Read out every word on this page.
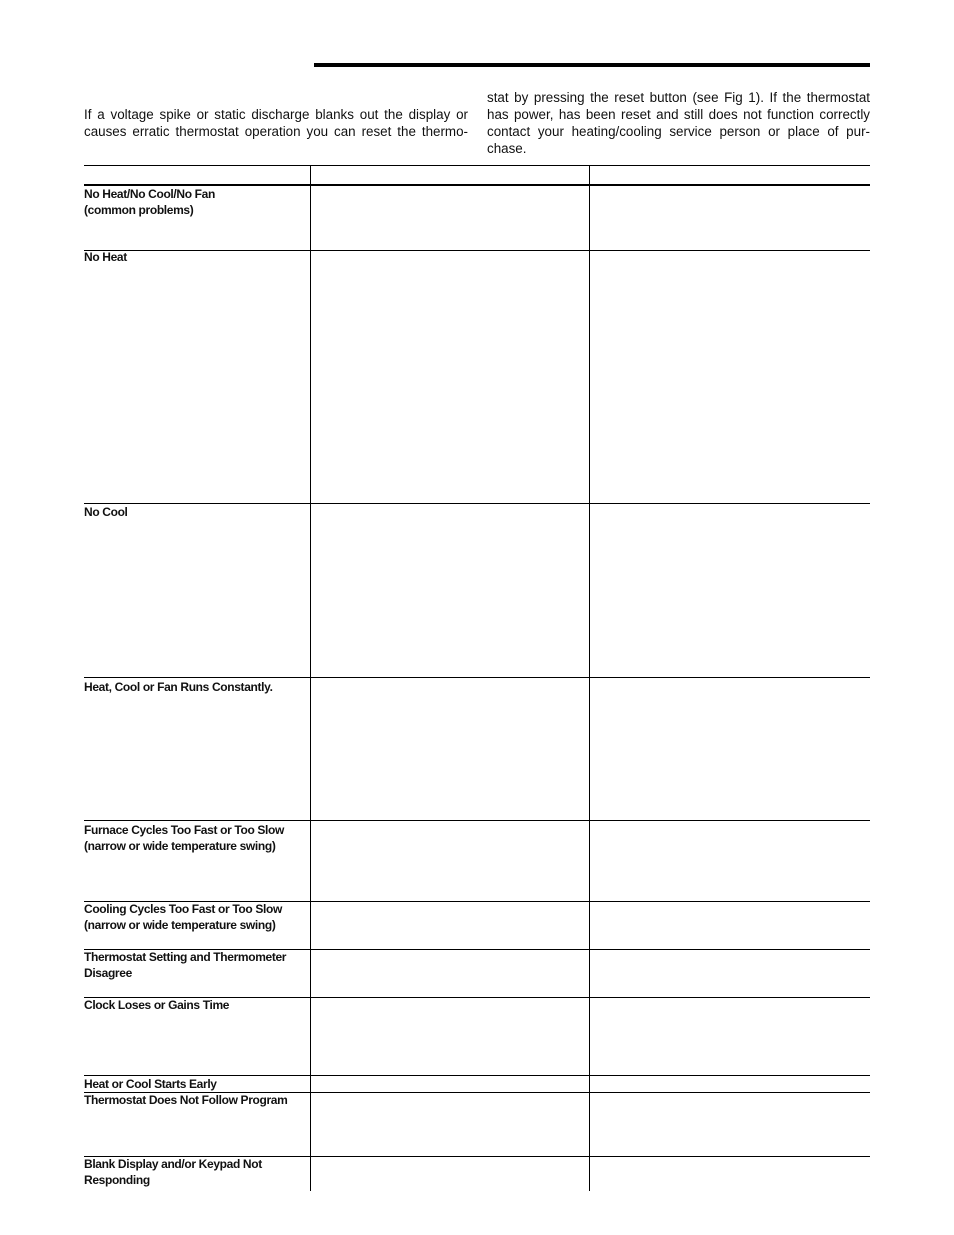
If a voltage spike or static discharge blanks out the display or
causes erratic thermostat operation you can reset the thermo-

stat by pressing the reset button (see Fig 1). If the thermostat
has power, has been reset and still does not function correctly
contact your heating/cooling service person or place of pur-
chase.

No Heat/No Cool/No Fan
(common problems)

No Heat

No Cool

Heat, Cool or Fan Runs Constantly.

Furnace Cycles Too Fast or Too Slow
(narrow or wide temperature swing)

Cooling Cycles Too Fast or Too Slow
(narrow or wide temperature swing)

Thermostat Setting and Thermometer
Disagree

Clock Loses or Gains Time

Heat or Cool Starts Early

Thermostat Does Not Follow Program

Blank Display and/or Keypad Not
Responding
